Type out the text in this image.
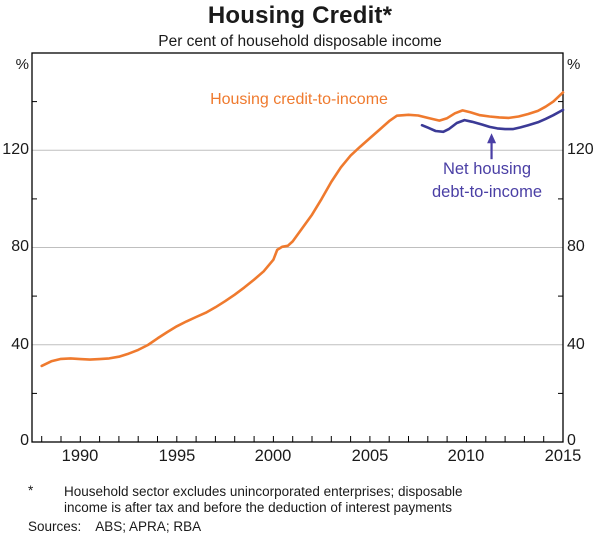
Housing Credit*
Per cent of household disposable income
%	%
120
80
40
0
120
80
40
0
1990	1995	2000	2005	2010	2015
Housing credit-to-income
Net housing
debt-to-income
* Household sector excludes unincorporated enterprises; disposable
income is after tax and before the deduction of interest payments
Sources: ABS; APRA; RBA
